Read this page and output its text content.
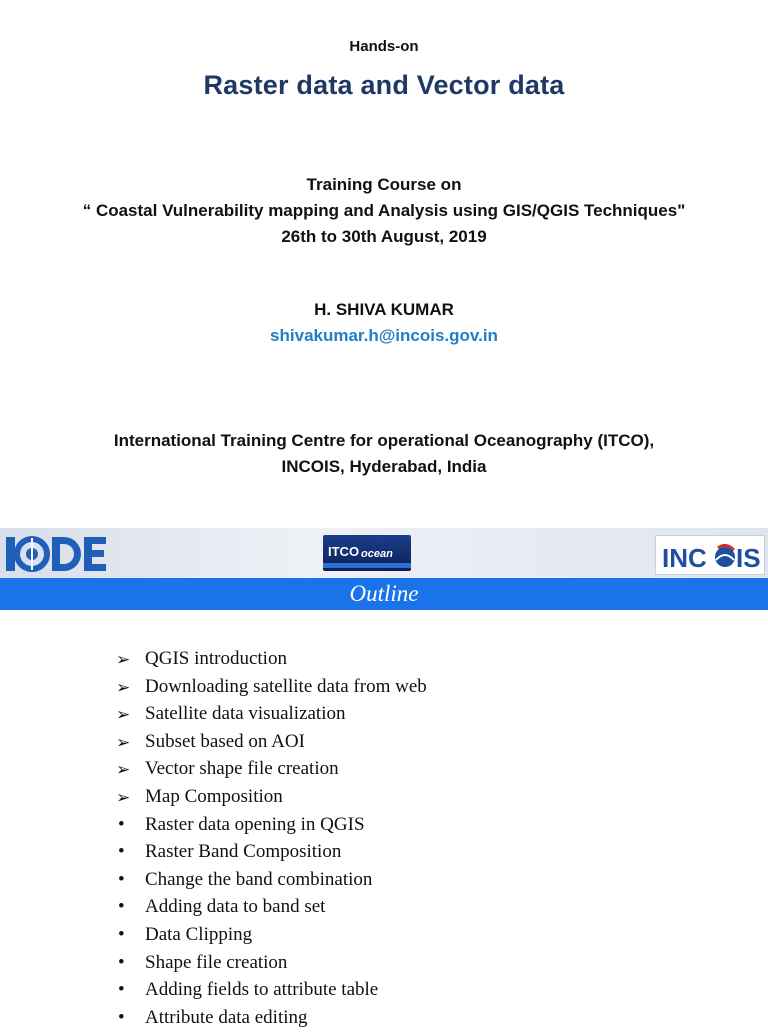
Hands-on
Raster data and Vector data
Training Course on
“ Coastal Vulnerability mapping and Analysis using GIS/QGIS Techniques"
26th to 30th August, 2019
H. SHIVA KUMAR
shivakumar.h@incois.gov.in
International Training Centre for operational Oceanography (ITCO),
INCOIS, Hyderabad, India
ITCO ocean	INC IS
Outline
➢ QGIS introduction
➢ Downloading satellite data from web
➢ Satellite data visualization
➢ Subset based on AOI
➢ Vector shape file creation
➢ Map Composition
• Raster data opening in QGIS
• Raster Band Composition
• Change the band combination
• Adding data to band set
• Data Clipping
• Shape file creation
• Adding fields to attribute table
• Attribute data editing
